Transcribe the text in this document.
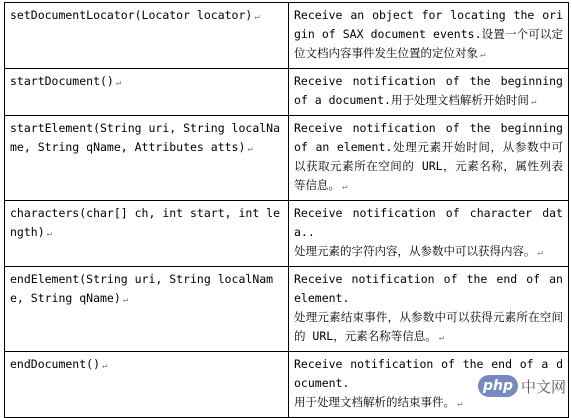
setDocumentLocator(Locator locator) ↵	Receive an object for locating the origin of SAX document events.设置一个可以定位文档内容事件发生位置的定位对象 ↵
startDocument() ↵	Receive notification of the beginning of a document.用于处理文档解析开始时间 ↵
startElement(String uri, String localName, String qName, Attributes atts) ↵	Receive notification of the beginning of an element.处理元素开始时间，从参数中可以获取元素所在空间的 URL，元素名称，属性列表等信息。 ↵
characters(char[] ch, int start, int length) ↵	Receive notification of character data..
处理元素的字符内容，从参数中可以获得内容。 ↵
endElement(String uri, String localName, String qName) ↵	Receive notification of the end of an element.
处理元素结束事件，从参数中可以获得元素所在空间的 URL，元素名称等信息。 ↵
endDocument() ↵	Receive notification of the end of a document.
用于处理文档解析的结束事件。 ↵
php 中文网
